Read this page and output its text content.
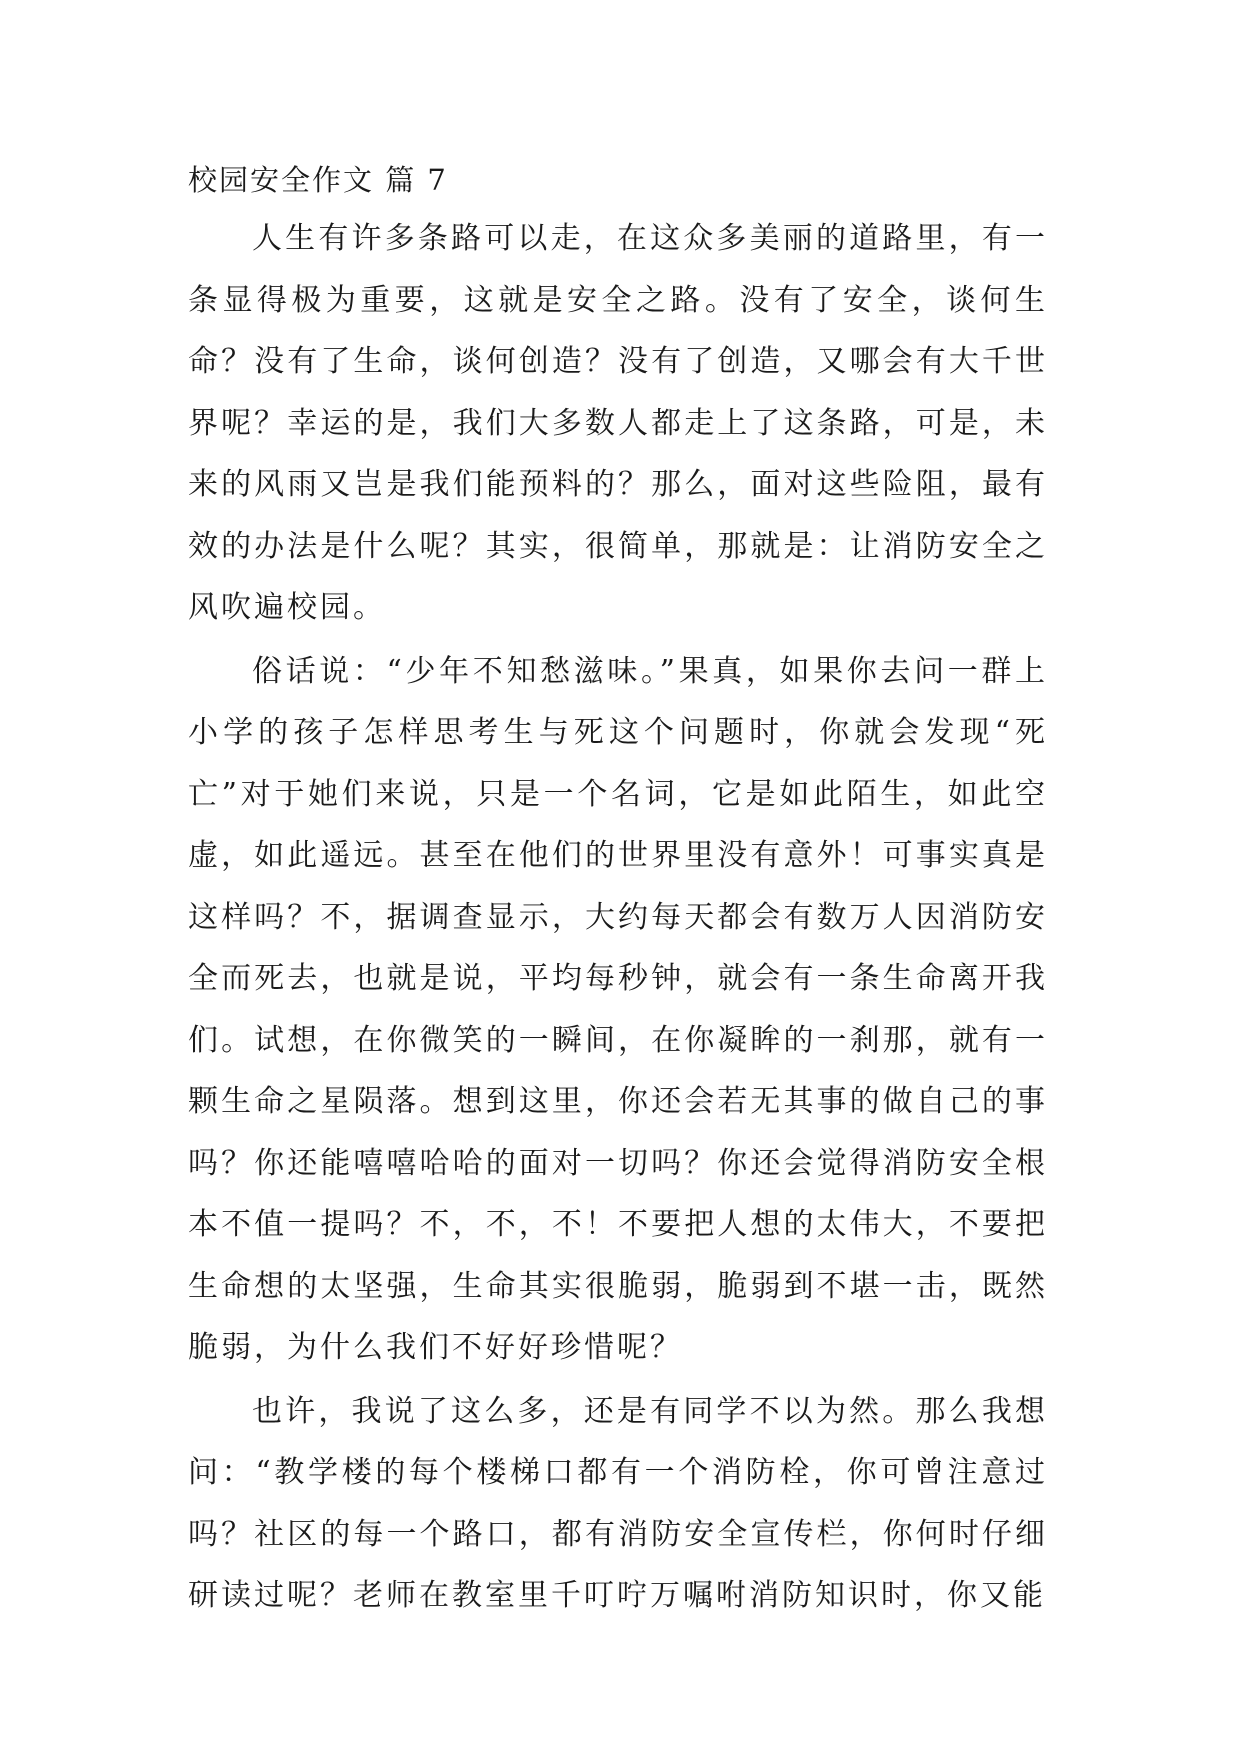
校园安全作文 篇 7

人生有许多条路可以走，在这众多美丽的道路里，有一条显得极为重要，这就是安全之路。没有了安全，谈何生命？没有了生命，谈何创造？没有了创造，又哪会有大千世界呢？幸运的是，我们大多数人都走上了这条路，可是，未来的风雨又岂是我们能预料的？那么，面对这些险阻，最有效的办法是什么呢？其实，很简单，那就是：让消防安全之风吹遍校园。

俗话说：“少年不知愁滋味。”果真，如果你去问一群上小学的孩子怎样思考生与死这个问题时，你就会发现“死亡”对于她们来说，只是一个名词，它是如此陌生，如此空虚，如此遥远。甚至在他们的世界里没有意外！可事实真是这样吗？不，据调查显示，大约每天都会有数万人因消防安全而死去，也就是说，平均每秒钟，就会有一条生命离开我们。试想，在你微笑的一瞬间，在你凝眸的一刹那，就有一颗生命之星陨落。想到这里，你还会若无其事的做自己的事吗？你还能嘻嘻哈哈的面对一切吗？你还会觉得消防安全根本不值一提吗？不，不，不！不要把人想的太伟大，不要把生命想的太坚强，生命其实很脆弱，脆弱到不堪一击，既然脆弱，为什么我们不好好珍惜呢？

也许，我说了这么多，还是有同学不以为然。那么我想问：“教学楼的每个楼梯口都有一个消防栓，你可曾注意过吗？社区的每一个路口，都有消防安全宣传栏，你何时仔细研读过呢？老师在教室里千叮咛万嘱咐消防知识时，你又能
